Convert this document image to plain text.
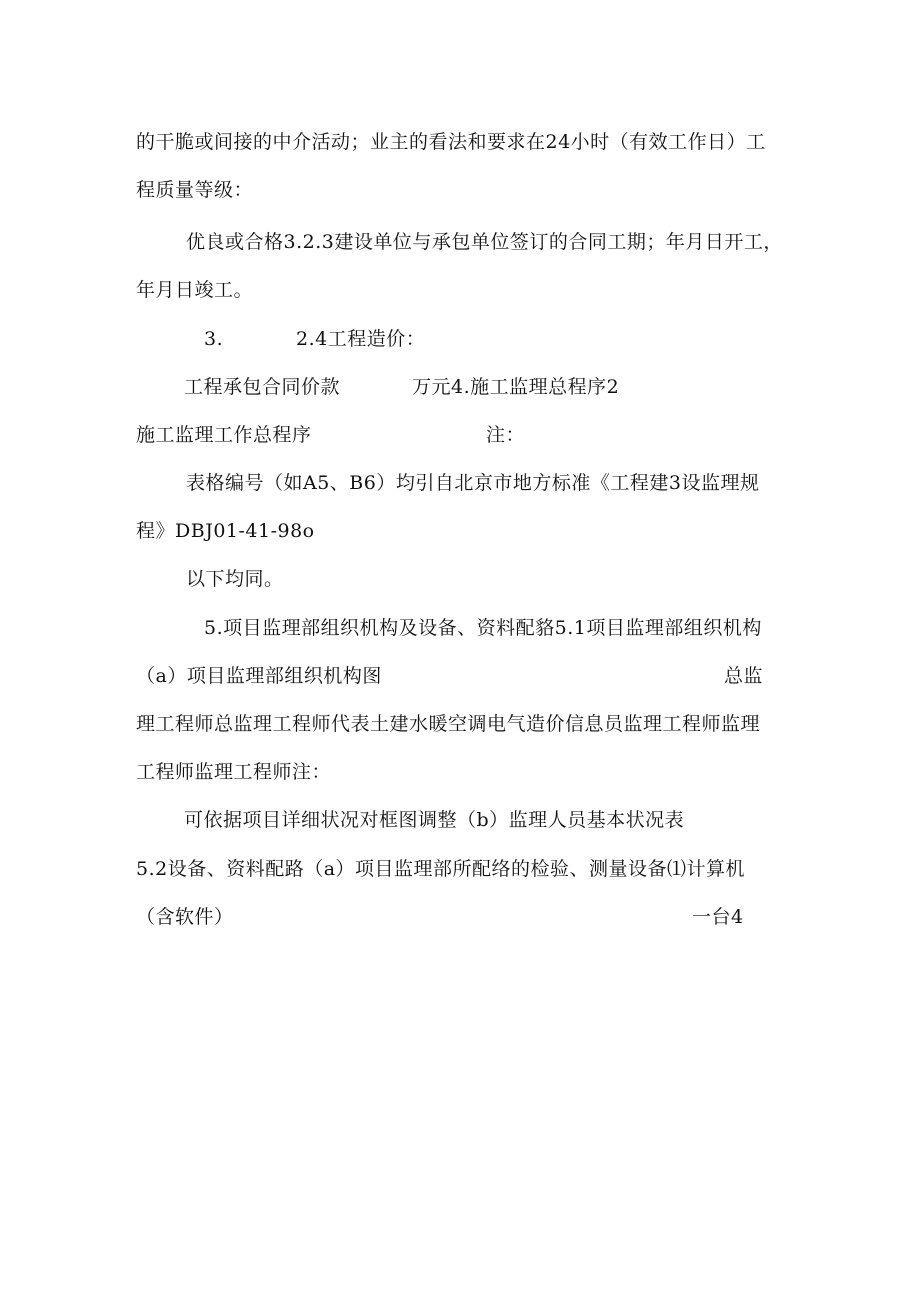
的干脆或间接的中介活动；业主的看法和要求在24小时（有效工作日）工
程质量等级：
优良或合格3.2.3建设单位与承包单位签订的合同工期；年月日开工，
年月日竣工。
3.	2.4工程造价：
工程承包合同价款	万元4.施工监理总程序2
施工监理工作总程序	注：
表格编号（如A5、B6）均引自北京市地方标准《工程建3设监理规
程》DBJ01-41-98o
以下均同。
5.项目监理部组织机构及设备、资料配貉5.1项目监理部组织机构
（a）项目监理部组织机构图	总监
理工程师总监理工程师代表土建水暖空调电气造价信息员监理工程师监理
工程师监理工程师注：
可依据项目详细状况对框图调整（b）监理人员基本状况表
5.2设备、资料配路（a）项目监理部所配络的检验、测量设备⑴计算机
（含软件）	一台4
